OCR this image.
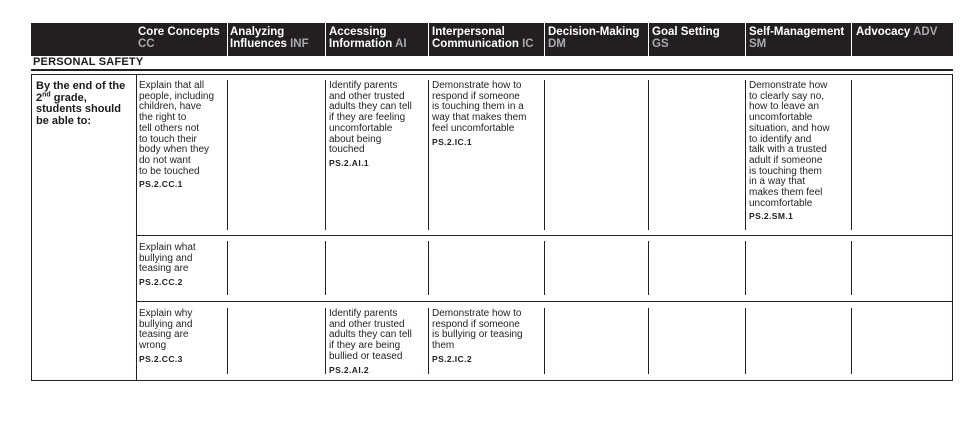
Core Concepts
CC
Analyzing Influences INF
Accessing Information AI
Interpersonal Communication IC
Decision-Making
DM
Goal Setting
GS
Self-Management
SM
Advocacy ADV
PERSONAL SAFETY
By the end of the 2nd grade, students should be able to:
Explain that all
people, including
children, have
the right to
tell others not
to touch their
body when they
do not want
to be touched
PS.2.CC.1
Identify parents
and other trusted
adults they can tell
if they are feeling
uncomfortable
about being
touched
PS.2.AI.1
Demonstrate how to
respond if someone
is touching them in a
way that makes them
feel uncomfortable
PS.2.IC.1
Demonstrate how
to clearly say no,
how to leave an
uncomfortable
situation, and how
to identify and
talk with a trusted
adult if someone
is touching them
in a way that
makes them feel
uncomfortable
PS.2.SM.1
Explain what
bullying and
teasing are
PS.2.CC.2
Explain why
bullying and
teasing are
wrong
PS.2.CC.3
Identify parents
and other trusted
adults they can tell
if they are being
bullied or teased
PS.2.AI.2
Demonstrate how to
respond if someone
is bullying or teasing
them
PS.2.IC.2
